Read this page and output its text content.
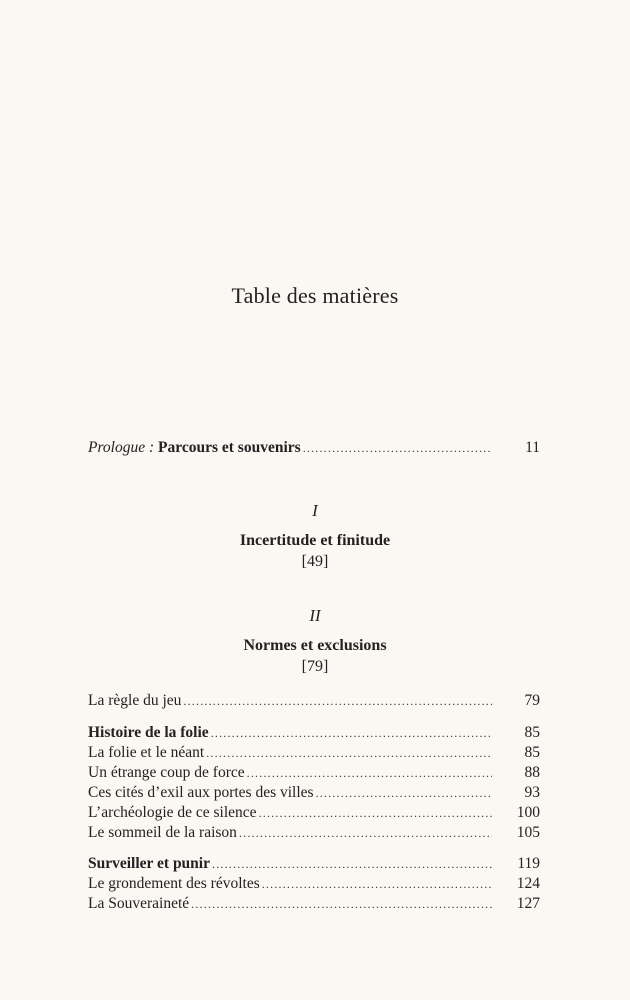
Table des matières
Prologue : Parcours et souvenirs .....	11
I
Incertitude et finitude
[49]
II
Normes et exclusions
[79]
La règle du jeu .....	79
Histoire de la folie .....	85
La folie et le néant .....	85
Un étrange coup de force .....	88
Ces cités d’exil aux portes des villes .....	93
L’archéologie de ce silence .....	100
Le sommeil de la raison .....	105
Surveiller et punir .....	119
Le grondement des révoltes .....	124
La Souveraineté .....	127
